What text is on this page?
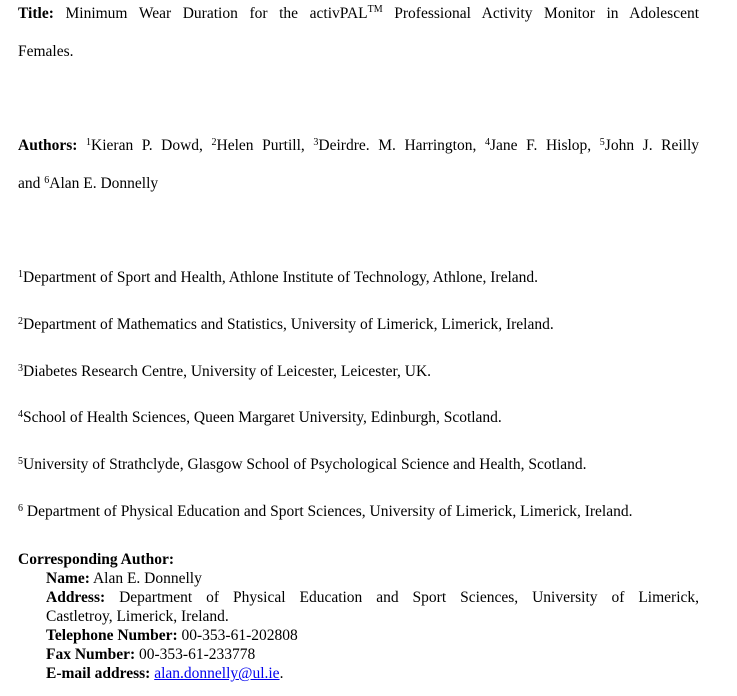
Title: Minimum Wear Duration for the activPAL™ Professional Activity Monitor in Adolescent
Females.
Authors: $^1$Kieran P. Dowd, $^2$Helen Purtill, $^3$Deirdre. M. Harrington, $^4$Jane F. Hislop, $^5$John J. Reilly
and $^6$Alan E. Donnelly
$^1$Department of Sport and Health, Athlone Institute of Technology, Athlone, Ireland.
$^2$Department of Mathematics and Statistics, University of Limerick, Limerick, Ireland.
$^3$Diabetes Research Centre, University of Leicester, Leicester, UK.
$^4$School of Health Sciences, Queen Margaret University, Edinburgh, Scotland.
$^5$University of Strathclyde, Glasgow School of Psychological Science and Health, Scotland.
$^6$ Department of Physical Education and Sport Sciences, University of Limerick, Limerick, Ireland.
Corresponding Author:
Name: Alan E. Donnelly
Address: Department of Physical Education and Sport Sciences, University of Limerick,
Castletroy, Limerick, Ireland.
Telephone Number: 00-353-61-202808
Fax Number: 00-353-61-233778
E-mail address: alan.donnelly@ul.ie.
